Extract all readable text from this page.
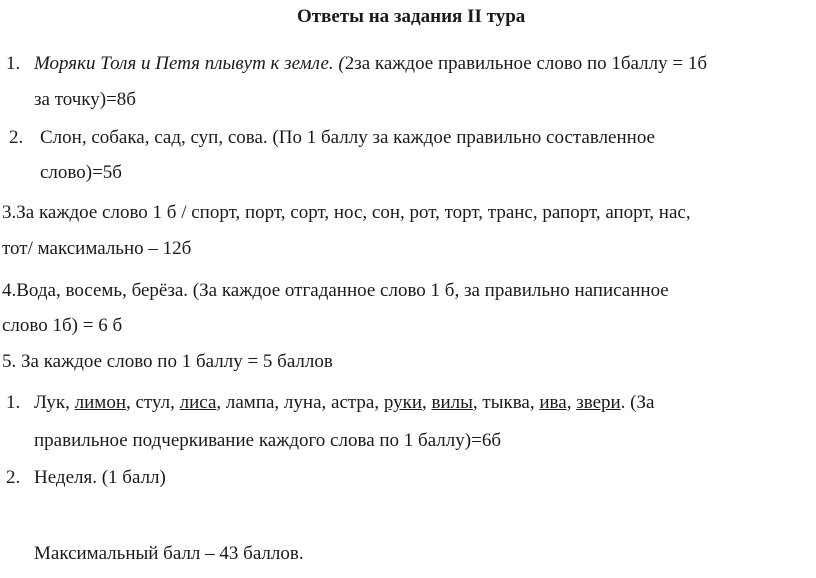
Ответы на задания II тура
1. Моряки Толя и Петя плывут к земле. (2за каждое правильное слово по 1баллу = 1б
за точку)=8б
2. Слон, собака, сад, суп, сова. (По 1 баллу за каждое правильно составленное
слово)=5б
3.За каждое слово 1 б / спорт, порт, сорт, нос, сон, рот, торт, транс, рапорт, апорт, нас,
тот/ максимально – 12б
4.Вода, восемь, берёза. (За каждое отгаданное слово 1 б, за правильно написанное
слово 1б) = 6 б
5. За каждое слово по 1 баллу = 5 баллов
1. Лук, лимон, стул, лиса, лампа, луна, астра, руки, вилы, тыква, ива, звери. (За
правильное подчеркивание каждого слова по 1 баллу)=6б
2. Неделя. (1 балл)
Максимальный балл – 43 баллов.
